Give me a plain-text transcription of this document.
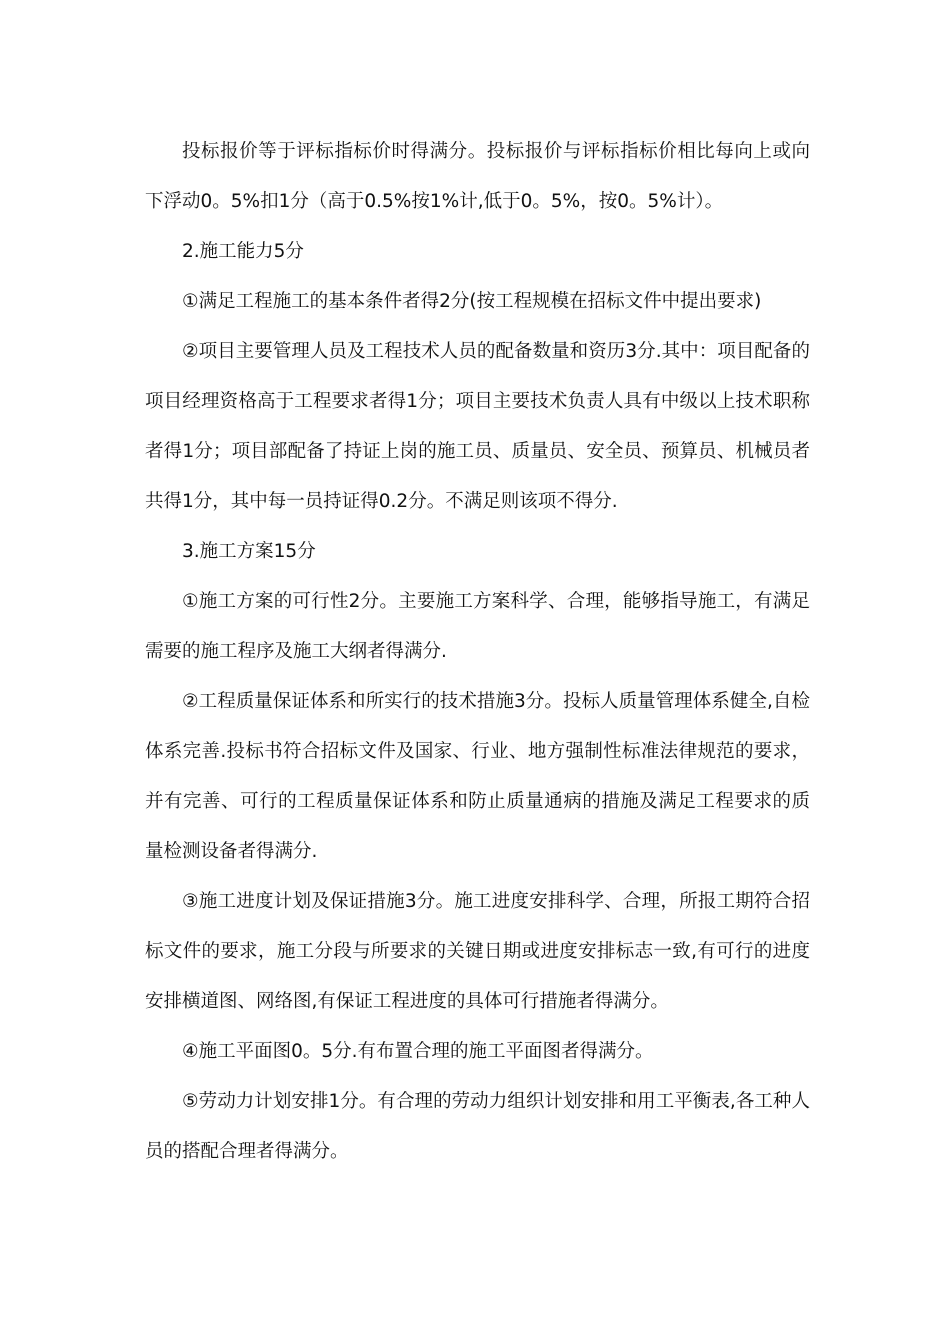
投标报价等于评标指标价时得满分。投标报价与评标指标价相比每向上或向下浮动0。5%扣1分（高于0.5%按1%计,低于0。5%，按0。5%计）。

2.施工能力5分

①满足工程施工的基本条件者得2分(按工程规模在招标文件中提出要求)

②项目主要管理人员及工程技术人员的配备数量和资历3分.其中：项目配备的项目经理资格高于工程要求者得1分；项目主要技术负责人具有中级以上技术职称者得1分；项目部配备了持证上岗的施工员、质量员、安全员、预算员、机械员者共得1分，其中每一员持证得0.2分。不满足则该项不得分.

3.施工方案15分

①施工方案的可行性2分。主要施工方案科学、合理，能够指导施工，有满足需要的施工程序及施工大纲者得满分.

②工程质量保证体系和所实行的技术措施3分。投标人质量管理体系健全,自检体系完善.投标书符合招标文件及国家、行业、地方强制性标准法律规范的要求，并有完善、可行的工程质量保证体系和防止质量通病的措施及满足工程要求的质量检测设备者得满分.

③施工进度计划及保证措施3分。施工进度安排科学、合理，所报工期符合招标文件的要求，施工分段与所要求的关键日期或进度安排标志一致,有可行的进度安排横道图、网络图,有保证工程进度的具体可行措施者得满分。

④施工平面图0。5分.有布置合理的施工平面图者得满分。

⑤劳动力计划安排1分。有合理的劳动力组织计划安排和用工平衡表,各工种人员的搭配合理者得满分。
